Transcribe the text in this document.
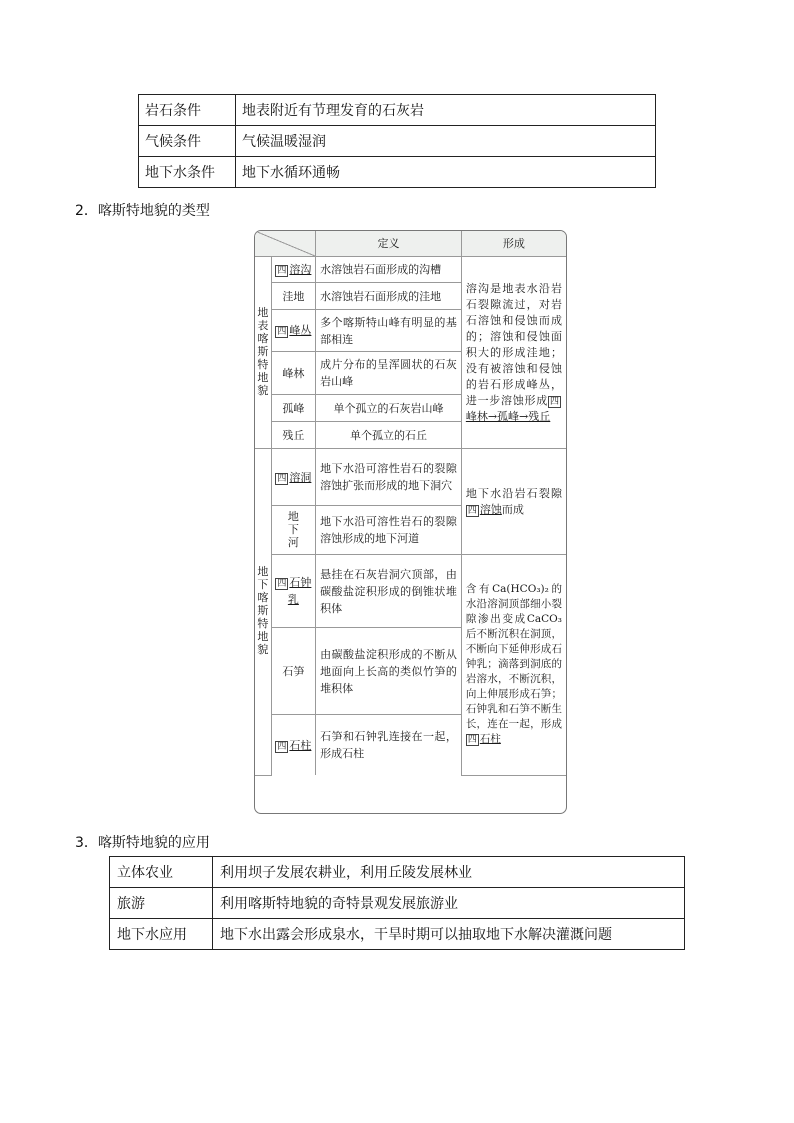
岩石条件	地表附近有节理发育的石灰岩
气候条件	气候温暖湿润
地下水条件	地下水循环通畅
2．喀斯特地貌的类型
		定义	形成
地表喀斯特地貌	四 溶沟	水溶蚀岩石面形成的沟槽	溶沟是地表水沿岩石裂隙流过，对岩石溶蚀和侵蚀而成的；溶蚀和侵蚀面积大的形成洼地；没有被溶蚀和侵蚀的岩石形成峰丛，进一步溶蚀形成 四峰林→孤峰→残丘
	洼地	水溶蚀岩石面形成的洼地	
	四 峰丛	多个喀斯特山峰有明显的基部相连	
	峰林	成片分布的呈浑圆状的石灰岩山峰	
	孤峰	单个孤立的石灰岩山峰	
	残丘	单个孤立的石丘	
地下喀斯特地貌	四 溶洞	地下水沿可溶性岩石的裂隙溶蚀扩张而形成的地下洞穴	地下水沿岩石裂隙四 溶蚀而成
	地下河	地下水沿可溶性岩石的裂隙溶蚀形成的地下河道	
	四 石钟乳	悬挂在石灰岩洞穴顶部，由碳酸盐淀积形成的倒锥状堆积体	含有Ca(HCO₃)₂的水沿溶洞顶部细小裂隙渗出变成CaCO₃后不断沉积在洞顶，不断向下延伸形成石钟乳；滴落到洞底的岩溶水，不断沉积，向上伸展形成石笋；石钟乳和石笋不断生长，连在一起，形成四 石柱
	石笋	由碳酸盐淀积形成的不断从地面向上长高的类似竹笋的堆积体	
	四 石柱	石笋和石钟乳连接在一起，形成石柱	
3．喀斯特地貌的应用
立体农业	利用坝子发展农耕业，利用丘陵发展林业
旅游	利用喀斯特地貌的奇特景观发展旅游业
地下水应用	地下水出露会形成泉水，干旱时期可以抽取地下水解决灌溉问题
